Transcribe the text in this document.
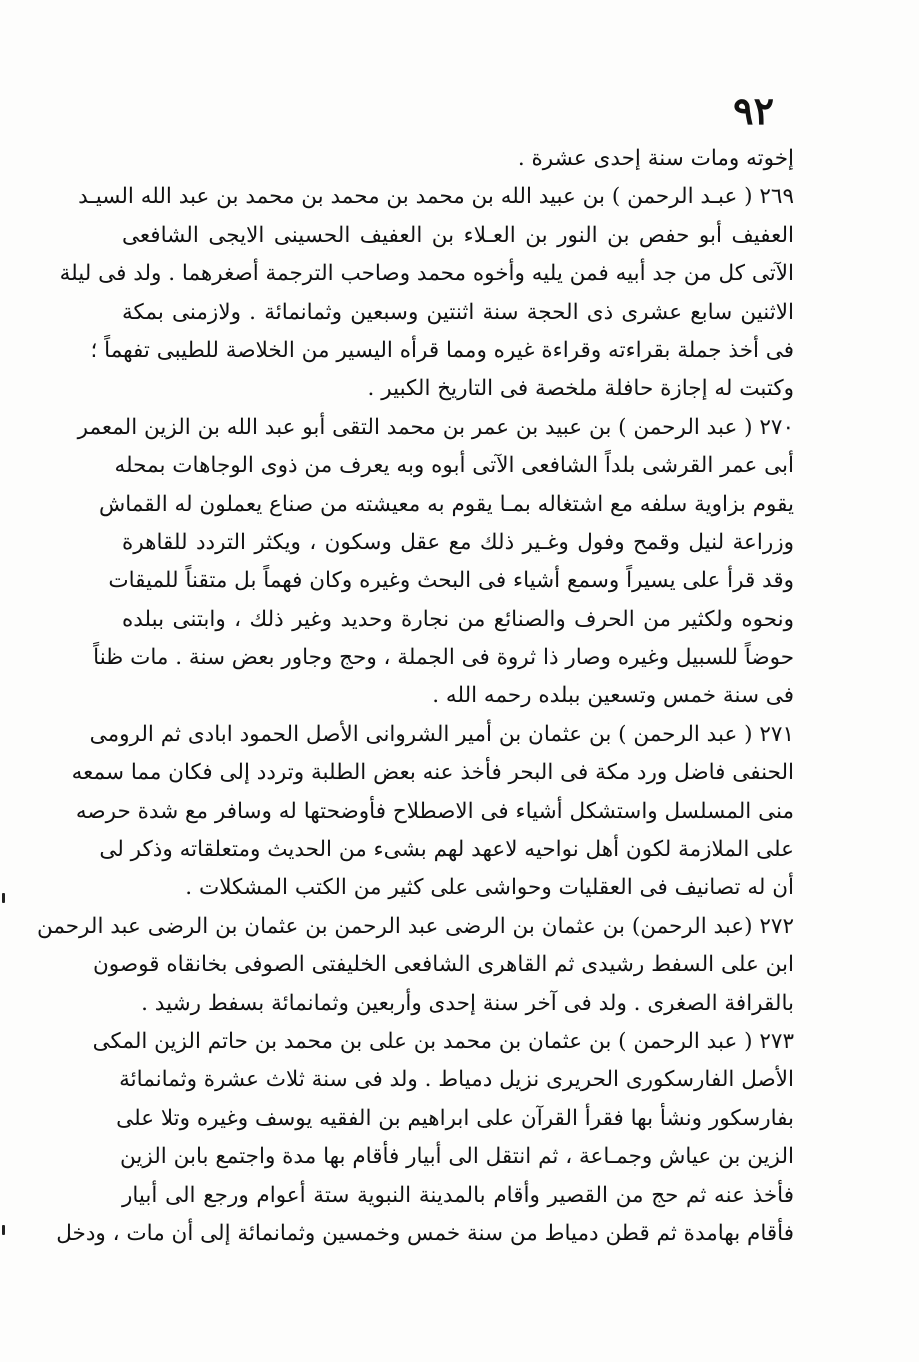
٩٢
إخوته ومات سنة إحدى عشرة .
٢٦٩ ( عبـد الرحمن ) بن عبيد الله بن محمد بن محمد بن محمد بن عبد الله السيـد
العفيف أبو حفص بن النور بن العـلاء بن العفيف الحسينى الايجى الشافعى
الآتى كل من جد أبيه فمن يليه وأخوه محمد وصاحب الترجمة أصغرهما . ولد فى ليلة
الاثنين سابع عشرى ذى الحجة سنة اثنتين وسبعين وثمانمائة . ولازمنى بمكة
فى أخذ جملة بقراءته وقراءة غيره ومما قرأه اليسير من الخلاصة للطيبى تفهماً ؛
وكتبت له إجازة حافلة ملخصة فى التاريخ الكبير .
٢٧٠ ( عبد الرحمن ) بن عبيد بن عمر بن محمد التقى أبو عبد الله بن الزين المعمر
أبى عمر القرشى بلداً الشافعى الآتى أبوه وبه يعرف من ذوى الوجاهات بمحله
يقوم بزاوية سلفه مع اشتغاله بمـا يقوم به معيشته من صناع يعملون له القماش
وزراعة لنيل وقمح وفول وغـير ذلك مع عقل وسكون ، ويكثر التردد للقاهرة
وقد قرأ على يسيراً وسمع أشياء فى البحث وغيره وكان فهماً بل متقناً للميقات
ونحوه ولكثير من الحرف والصنائع من نجارة وحديد وغير ذلك ، وابتنى ببلده
حوضاً للسبيل وغيره وصار ذا ثروة فى الجملة ، وحج وجاور بعض سنة . مات ظناً
فى سنة خمس وتسعين ببلده رحمه الله .
٢٧١ ( عبد الرحمن ) بن عثمان بن أمير الشروانى الأصل الحمود ابادى ثم الرومى
الحنفى فاضل ورد مكة فى البحر فأخذ عنه بعض الطلبة وتردد إلى فكان مما سمعه
منى المسلسل واستشكل أشياء فى الاصطلاح فأوضحتها له وسافر مع شدة حرصه
على الملازمة لكون أهل نواحيه لاعهد لهم بشىء من الحديث ومتعلقاته وذكر لى
أن له تصانيف فى العقليات وحواشى على كثير من الكتب المشكلات .
٢٧٢ (عبد الرحمن) بن عثمان بن الرضى عبد الرحمن بن عثمان بن الرضى عبد الرحمن
ابن على السفط رشيدى ثم القاهرى الشافعى الخليفتى الصوفى بخانقاه قوصون
بالقرافة الصغرى . ولد فى آخر سنة إحدى وأربعين وثمانمائة بسفط رشيد .
٢٧٣ ( عبد الرحمن ) بن عثمان بن محمد بن على بن محمد بن حاتم الزين المكى
الأصل الفارسكورى الحريرى نزيل دمياط . ولد فى سنة ثلاث عشرة وثمانمائة
بفارسكور ونشأ بها فقرأ القرآن على ابراهيم بن الفقيه يوسف وغيره وتلا على
الزين بن عياش وجمـاعة ، ثم انتقل الى أبيار فأقام بها مدة واجتمع بابن الزين
فأخذ عنه ثم حج من القصير وأقام بالمدينة النبوية ستة أعوام ورجع الى أبيار
فأقام بهامدة ثم قطن دمياط من سنة خمس وخمسين وثمانمائة إلى أن مات ، ودخل
